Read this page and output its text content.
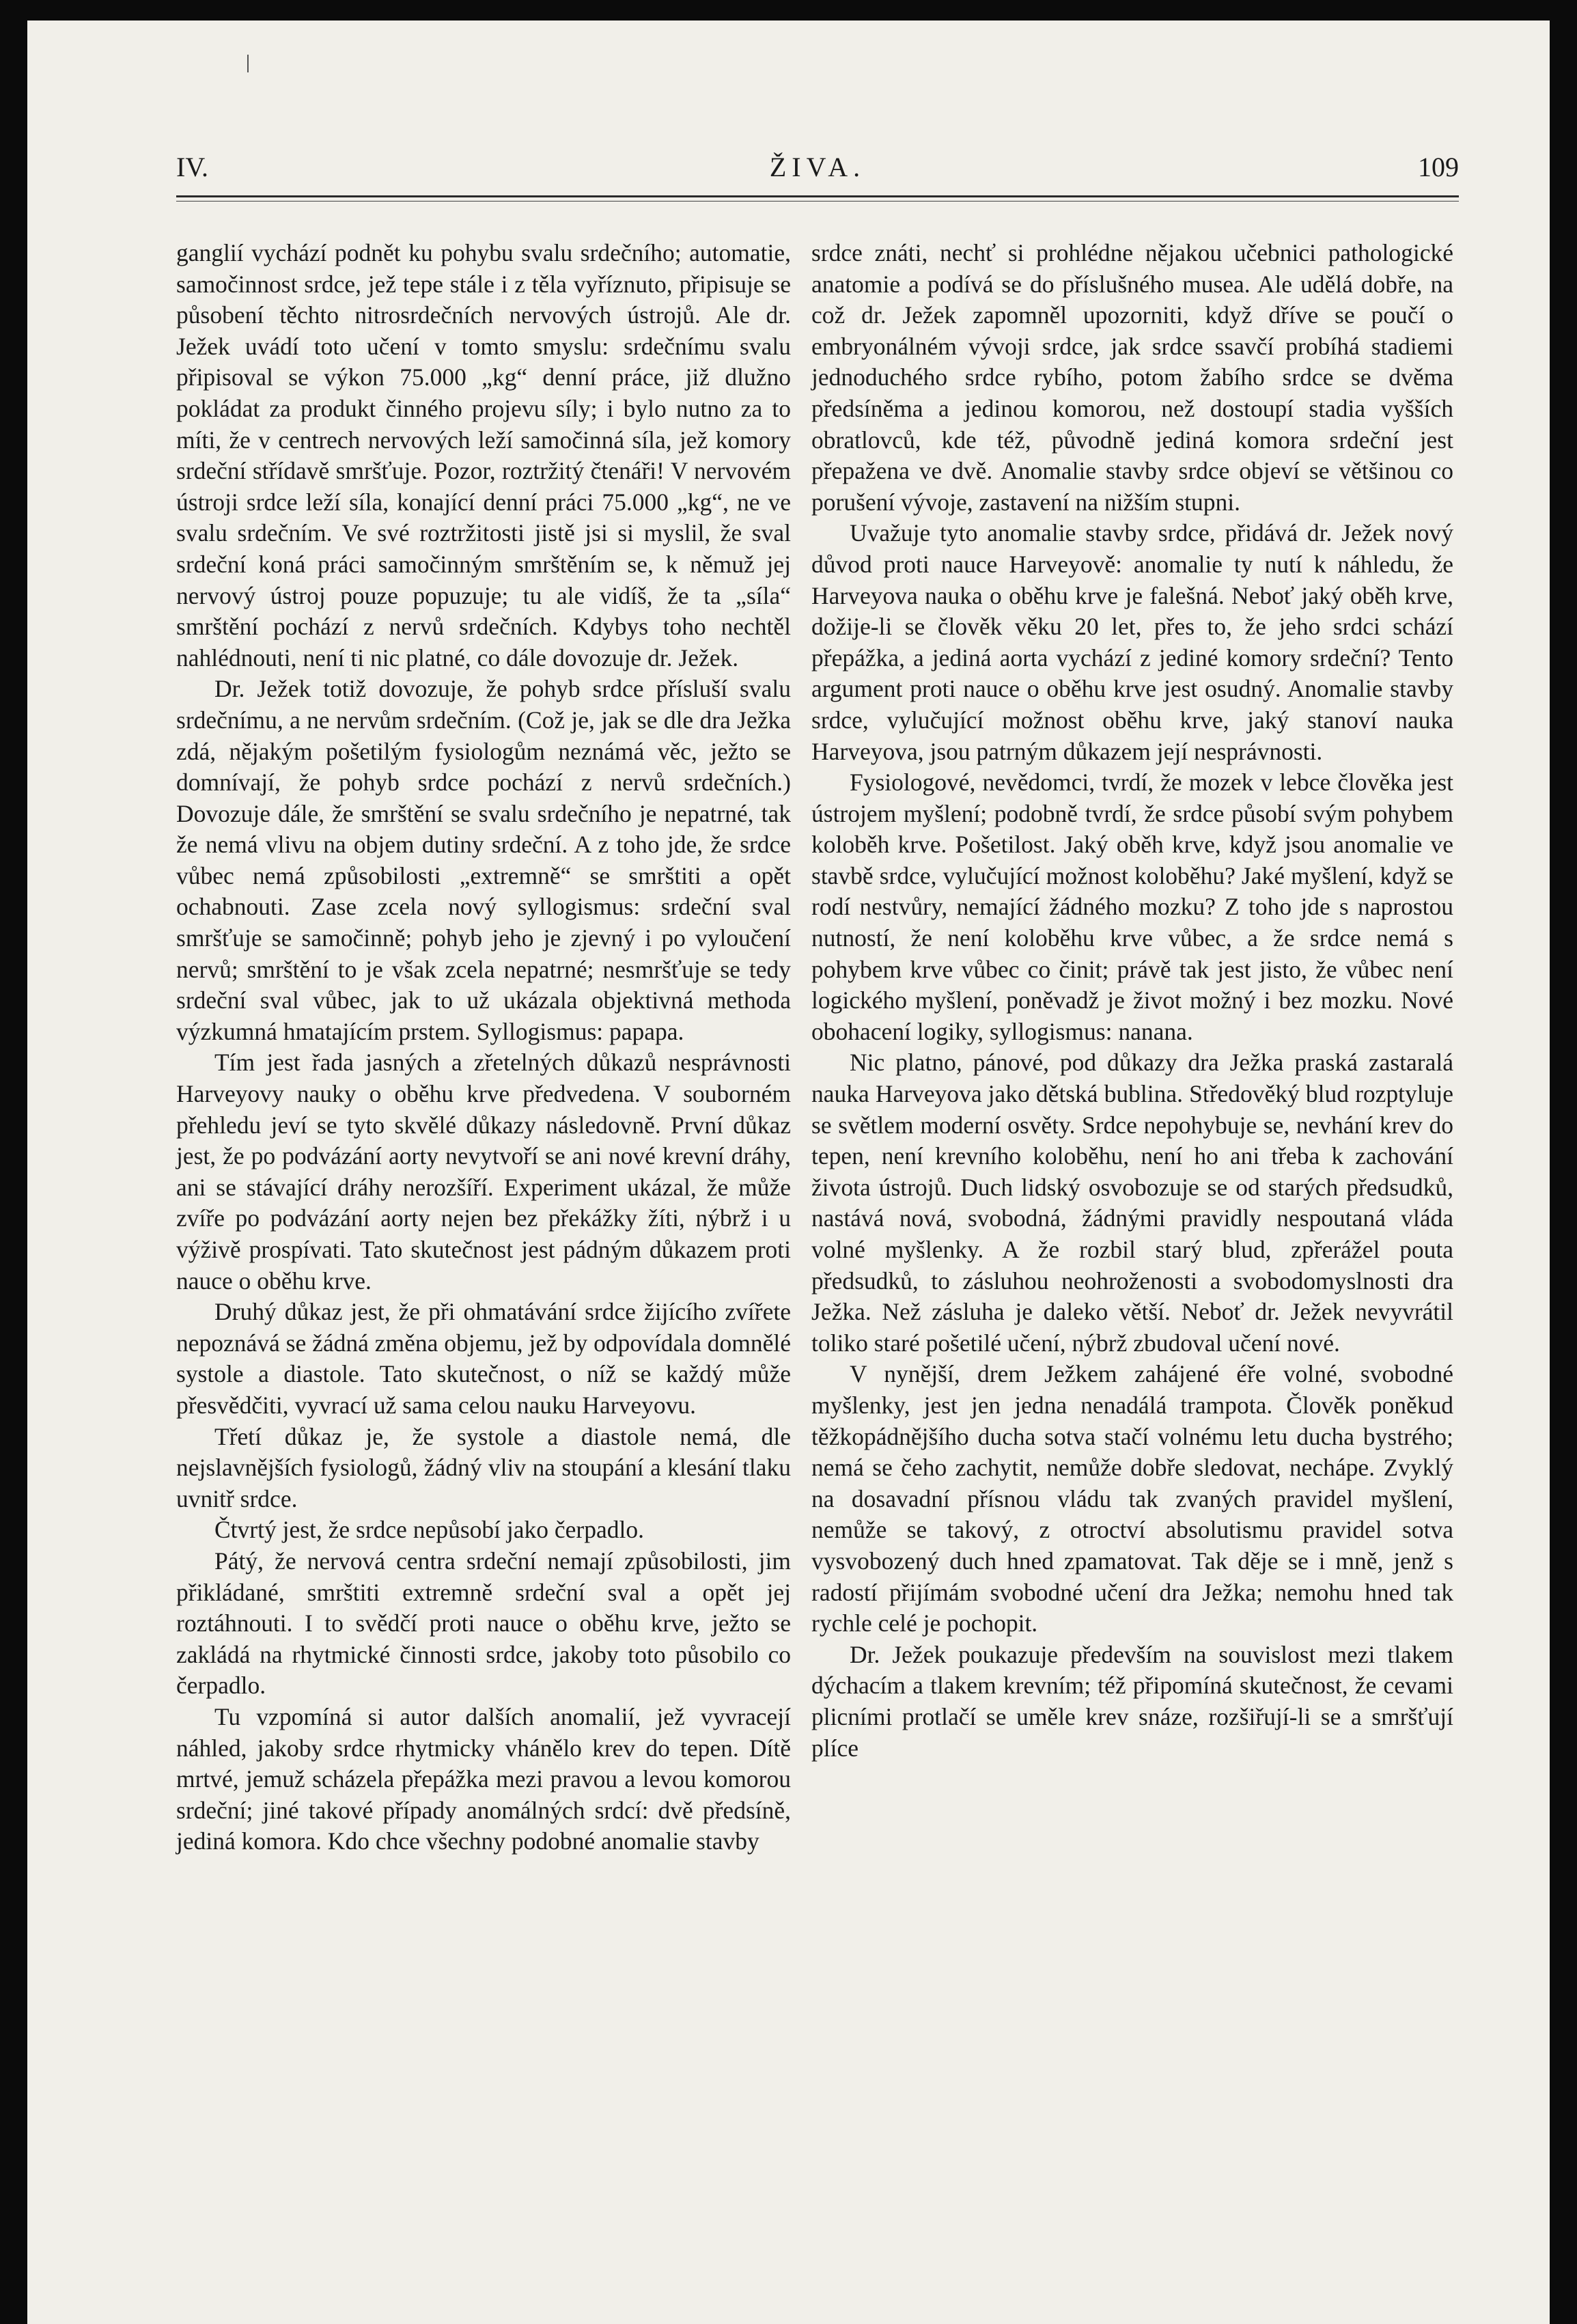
IV.	ŽIVA.	109

ganglií vychází podnět ku pohybu svalu srdečního; automatie, samočinnost srdce, jež tepe stále i z těla vyříznuto, připisuje se působení těchto nitrosrdečních nervových ústrojů. Ale dr. Ježek uvádí toto učení v tomto smyslu: srdečnímu svalu připisoval se výkon 75.000 „kg“ denní práce, již dlužno pokládat za produkt činného projevu síly; i bylo nutno za to míti, že v centrech nervových leží samočinná síla, jež komory srdeční střídavě smršťuje. Pozor, roztržitý čtenáři! V nervovém ústroji srdce leží síla, konající denní práci 75.000 „kg“, ne ve svalu srdečním. Ve své roztržitosti jistě jsi si myslil, že sval srdeční koná práci samočinným smrštěním se, k němuž jej nervový ústroj pouze popuzuje; tu ale vidíš, že ta „síla“ smrštění pochází z nervů srdečních. Kdybys toho nechtěl nahlédnouti, není ti nic platné, co dále dovozuje dr. Ježek.

Dr. Ježek totiž dovozuje, že pohyb srdce přísluší svalu srdečnímu, a ne nervům srdečním. (Což je, jak se dle dra Ježka zdá, nějakým pošetilým fysiologům neznámá věc, ježto se domnívají, že pohyb srdce pochází z nervů srdečních.) Dovozuje dále, že smrštění se svalu srdečního je nepatrné, tak že nemá vlivu na objem dutiny srdeční. A z toho jde, že srdce vůbec nemá způsobilosti „extremně“ se smrštiti a opět ochabnouti. Zase zcela nový syllogismus: srdeční sval smršťuje se samočinně; pohyb jeho je zjevný i po vyloučení nervů; smrštění to je však zcela nepatrné; nesmršťuje se tedy srdeční sval vůbec, jak to už ukázala objektivná methoda výzkumná hmatajícím prstem. Syllogismus: papapa.

Tím jest řada jasných a zřetelných důkazů nesprávnosti Harveyovy nauky o oběhu krve předvedena. V souborném přehledu jeví se tyto skvělé důkazy následovně. První důkaz jest, že po podvázání aorty nevytvoří se ani nové krevní dráhy, ani se stávající dráhy nerozšíří. Experiment ukázal, že může zvíře po podvázání aorty nejen bez překážky žíti, nýbrž i u výživě prospívati. Tato skutečnost jest pádným důkazem proti nauce o oběhu krve.

Druhý důkaz jest, že při ohmatávání srdce žijícího zvířete nepoznává se žádná změna objemu, jež by odpovídala domnělé systole a diastole. Tato skutečnost, o níž se každý může přesvědčiti, vyvrací už sama celou nauku Harveyovu.

Třetí důkaz je, že systole a diastole nemá, dle nejslavnějších fysiologů, žádný vliv na stoupání a klesání tlaku uvnitř srdce.

Čtvrtý jest, že srdce nepůsobí jako čerpadlo.

Pátý, že nervová centra srdeční nemají způsobilosti, jim přikládané, smrštiti extremně srdeční sval a opět jej roztáhnouti. I to svědčí proti nauce o oběhu krve, ježto se zakládá na rhytmické činnosti srdce, jakoby toto působilo co čerpadlo.

Tu vzpomíná si autor dalších anomalií, jež vyvracejí náhled, jakoby srdce rhytmicky vhánělo krev do tepen. Dítě mrtvé, jemuž scházela přepážka mezi pravou a levou komorou srdeční; jiné takové případy anomálných srdcí: dvě předsíně, jediná komora. Kdo chce všechny podobné anomalie stavby

srdce znáti, nechť si prohlédne nějakou učebnici pathologické anatomie a podívá se do příslušného musea. Ale udělá dobře, na což dr. Ježek zapomněl upozorniti, když dříve se poučí o embryonálném vývoji srdce, jak srdce ssavčí probíhá stadiemi jednoduchého srdce rybího, potom žabího srdce se dvěma předsíněma a jedinou komorou, než dostoupí stadia vyšších obratlovců, kde též, původně jediná komora srdeční jest přepažena ve dvě. Anomalie stavby srdce objeví se většinou co porušení vývoje, zastavení na nižším stupni.

Uvažuje tyto anomalie stavby srdce, přidává dr. Ježek nový důvod proti nauce Harveyově: anomalie ty nutí k náhledu, že Harveyova nauka o oběhu krve je falešná. Neboť jaký oběh krve, dožije-li se člověk věku 20 let, přes to, že jeho srdci schází přepážka, a jediná aorta vychází z jediné komory srdeční? Tento argument proti nauce o oběhu krve jest osudný. Anomalie stavby srdce, vylučující možnost oběhu krve, jaký stanoví nauka Harveyova, jsou patrným důkazem její nesprávnosti.

Fysiologové, nevědomci, tvrdí, že mozek v lebce člověka jest ústrojem myšlení; podobně tvrdí, že srdce působí svým pohybem koloběh krve. Pošetilost. Jaký oběh krve, když jsou anomalie ve stavbě srdce, vylučující možnost koloběhu? Jaké myšlení, když se rodí nestvůry, nemající žádného mozku? Z toho jde s naprostou nutností, že není koloběhu krve vůbec, a že srdce nemá s pohybem krve vůbec co činit; právě tak jest jisto, že vůbec není logického myšlení, poněvadž je život možný i bez mozku. Nové obohacení logiky, syllogismus: nanana.

Nic platno, pánové, pod důkazy dra Ježka praská zastaralá nauka Harveyova jako dětská bublina. Středověký blud rozptyluje se světlem moderní osvěty. Srdce nepohybuje se, nevhání krev do tepen, není krevního koloběhu, není ho ani třeba k zachování života ústrojů. Duch lidský osvobozuje se od starých předsudků, nastává nová, svobodná, žádnými pravidly nespoutaná vláda volné myšlenky. A že rozbil starý blud, zpřerážel pouta předsudků, to zásluhou neohroženosti a svobodomyslnosti dra Ježka. Než zásluha je daleko větší. Neboť dr. Ježek nevyvrátil toliko staré pošetilé učení, nýbrž zbudoval učení nové.

V nynější, drem Ježkem zahájené éře volné, svobodné myšlenky, jest jen jedna nenadálá trampota. Člověk poněkud těžkopádnějšího ducha sotva stačí volnému letu ducha bystrého; nemá se čeho zachytit, nemůže dobře sledovat, nechápe. Zvyklý na dosavadní přísnou vládu tak zvaných pravidel myšlení, nemůže se takový, z otroctví absolutismu pravidel sotva vysvobozený duch hned zpamatovat. Tak děje se i mně, jenž s radostí přijímám svobodné učení dra Ježka; nemohu hned tak rychle celé je pochopit.

Dr. Ježek poukazuje především na souvislost mezi tlakem dýchacím a tlakem krevním; též připomíná skutečnost, že cevami plicními protlačí se uměle krev snáze, rozšiřují-li se a smršťují plíce
